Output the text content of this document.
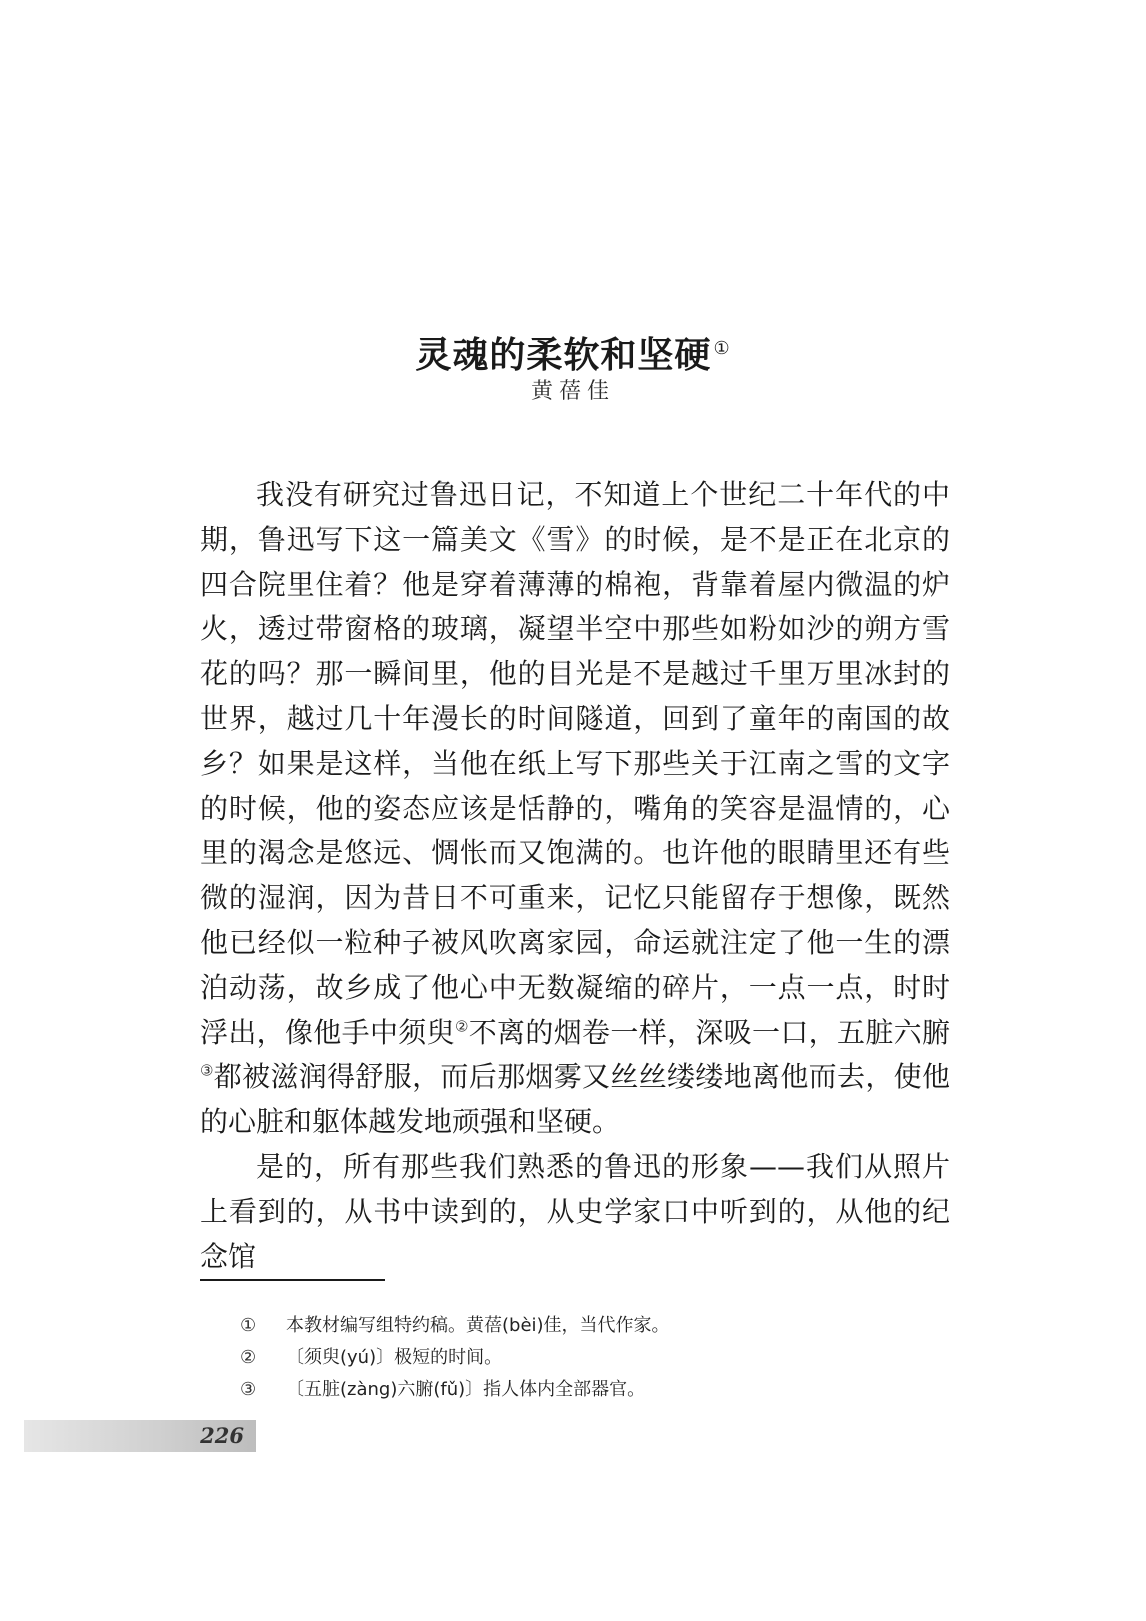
灵魂的柔软和坚硬 ①
黄蓓佳

我没有研究过鲁迅日记，不知道上个世纪二十年代的中期，鲁迅写下这一篇美文《雪》的时候，是不是正在北京的四合院里住着？他是穿着薄薄的棉袍，背靠着屋内微温的炉火，透过带窗格的玻璃，凝望半空中那些如粉如沙的朔方雪花的吗？那一瞬间里，他的目光是不是越过千里万里冰封的世界，越过几十年漫长的时间隧道，回到了童年的南国的故乡？如果是这样，当他在纸上写下那些关于江南之雪的文字的时候，他的姿态应该是恬静的，嘴角的笑容是温情的，心里的渴念是悠远、惆怅而又饱满的。也许他的眼睛里还有些微的湿润，因为昔日不可重来，记忆只能留存于想像，既然他已经似一粒种子被风吹离家园，命运就注定了他一生的漂泊动荡，故乡成了他心中无数凝缩的碎片，一点一点，时时浮出，像他手中须臾②不离的烟卷一样，深吸一口，五脏六腑③都被滋润得舒服，而后那烟雾又丝丝缕缕地离他而去，使他的心脏和躯体越发地顽强和坚硬。

是的，所有那些我们熟悉的鲁迅的形象——我们从照片上看到的，从书中读到的，从史学家口中听到的，从他的纪念馆

①	本教材编写组特约稿。黄蓓(bèi)佳，当代作家。
②	〔须臾(yú)〕极短的时间。
③	〔五脏(zàng)六腑(fǔ)〕指人体内全部器官。
226
